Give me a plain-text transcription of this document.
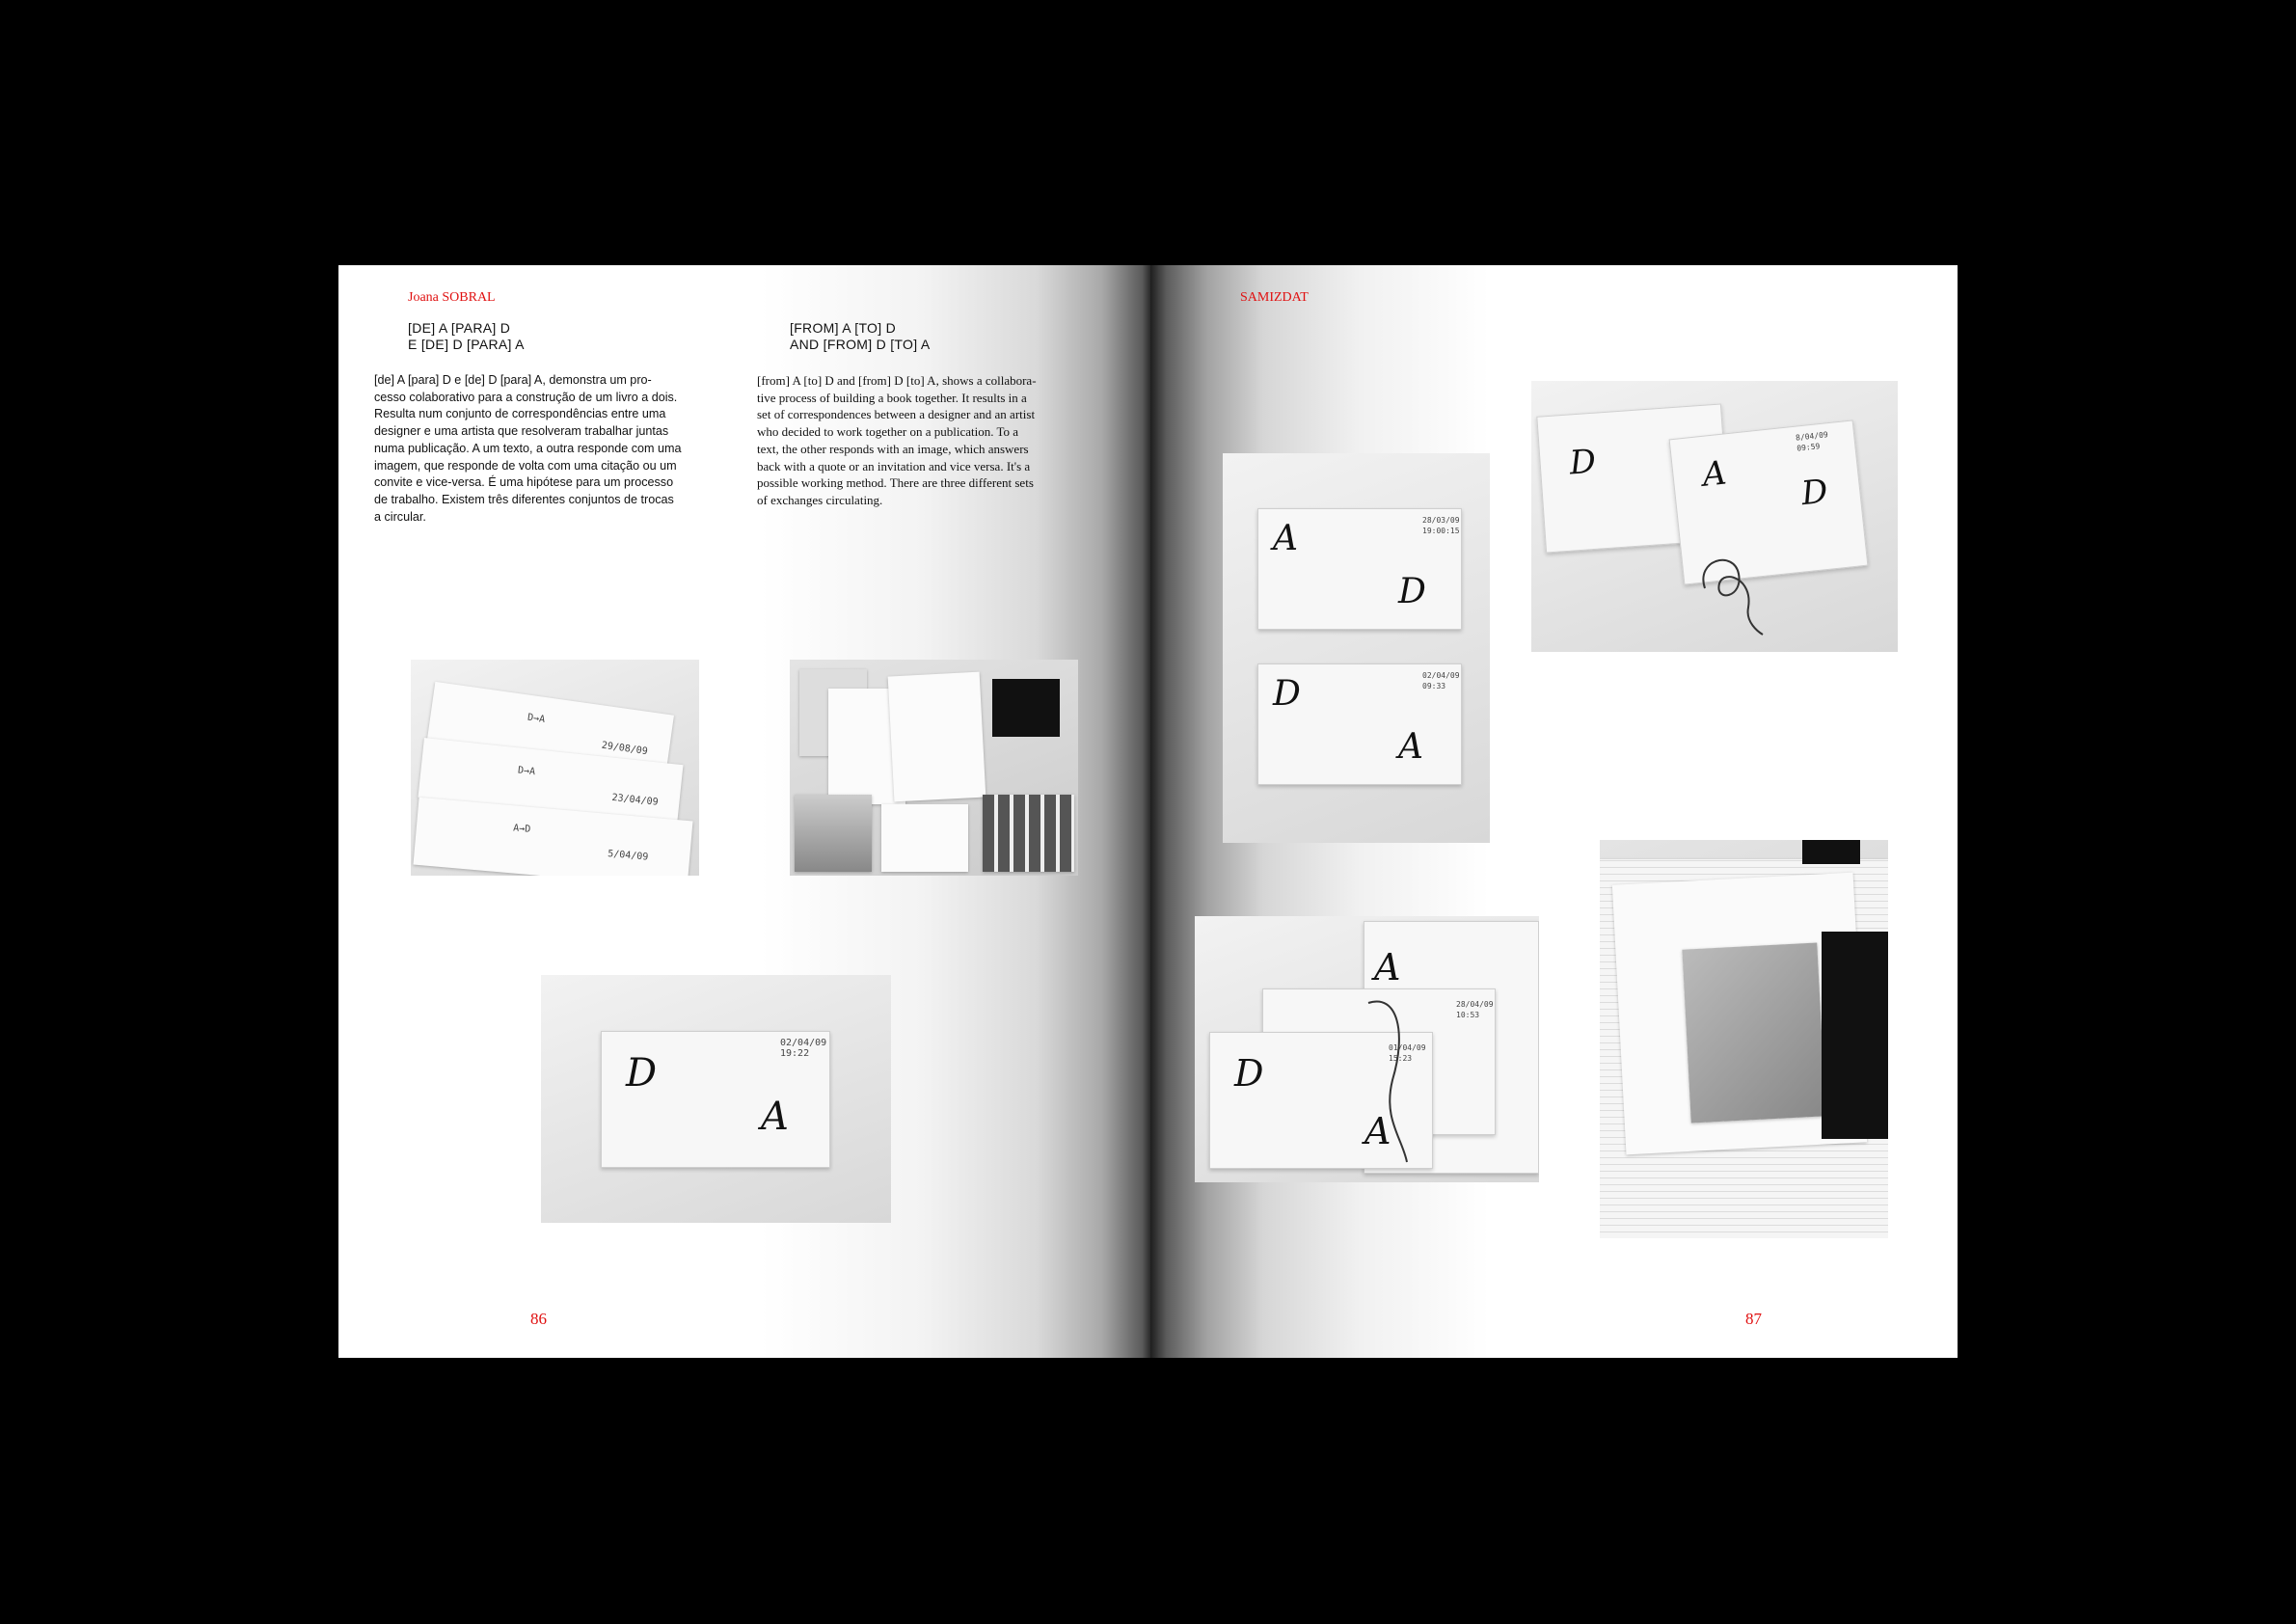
Joana SOBRAL
[DE] A [PARA] D
E [DE] D [PARA] A
[FROM] A [TO] D
AND [FROM] D [TO] A
[de] A [para] D e [de] D [para] A, demonstra um pro-
cesso colaborativo para a construção de um livro a dois.
Resulta num conjunto de correspondências entre uma
designer e uma artista que resolveram trabalhar juntas
numa publicação. A um texto, a outra responde com uma
imagem, que responde de volta com uma citação ou um
convite e vice-versa. É uma hipótese para um processo
de trabalho. Existem três diferentes conjuntos de trocas
a circular.
[from] A [to] D and [from] D [to] A, shows a collabora-
tive process of building a book together. It results in a
set of correspondences between a designer and an artist
who decided to work together on a publication. To a
text, the other responds with an image, which answers
back with a quote or an invitation and vice versa. It's a
possible working method. There are three different sets
of exchanges circulating.
D→A
29/08/09
D→A
23/04/09
A→D
5/04/09
D
A
02/04/09
19:22
86
SAMIZDAT
A
D
28/03/09
19:00:15
D
A
02/04/09
09:33
D	A D
8/04/09
09:59
A
28/04/09
10:53
D
A
01/04/09
15:23
87
